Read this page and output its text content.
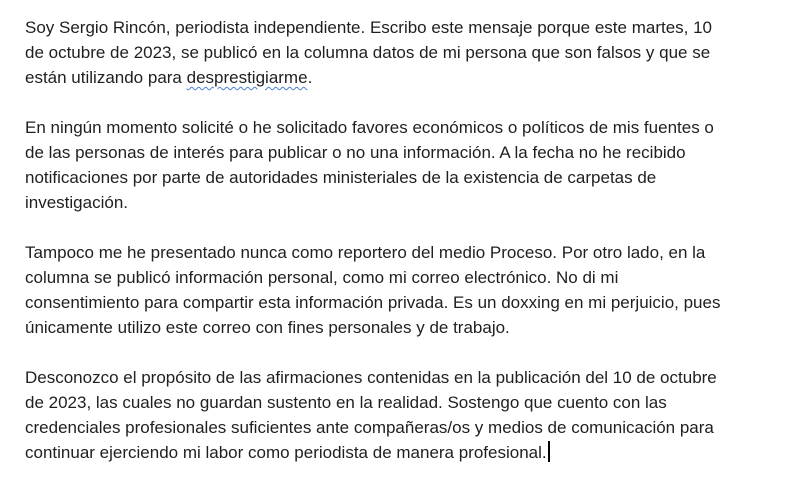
Soy Sergio Rincón, periodista independiente. Escribo este mensaje porque este martes, 10
de octubre de 2023, se publicó en la columna datos de mi persona que son falsos y que se
están utilizando para desprestigiarme.

En ningún momento solicité o he solicitado favores económicos o políticos de mis fuentes o
de las personas de interés para publicar o no una información. A la fecha no he recibido
notificaciones por parte de autoridades ministeriales de la existencia de carpetas de
investigación.

Tampoco me he presentado nunca como reportero del medio Proceso. Por otro lado, en la
columna se publicó información personal, como mi correo electrónico. No di mi
consentimiento para compartir esta información privada. Es un doxxing en mi perjuicio, pues
únicamente utilizo este correo con fines personales y de trabajo.

Desconozco el propósito de las afirmaciones contenidas en la publicación del 10 de octubre
de 2023, las cuales no guardan sustento en la realidad. Sostengo que cuento con las
credenciales profesionales suficientes ante compañeras/os y medios de comunicación para
continuar ejerciendo mi labor como periodista de manera profesional.
